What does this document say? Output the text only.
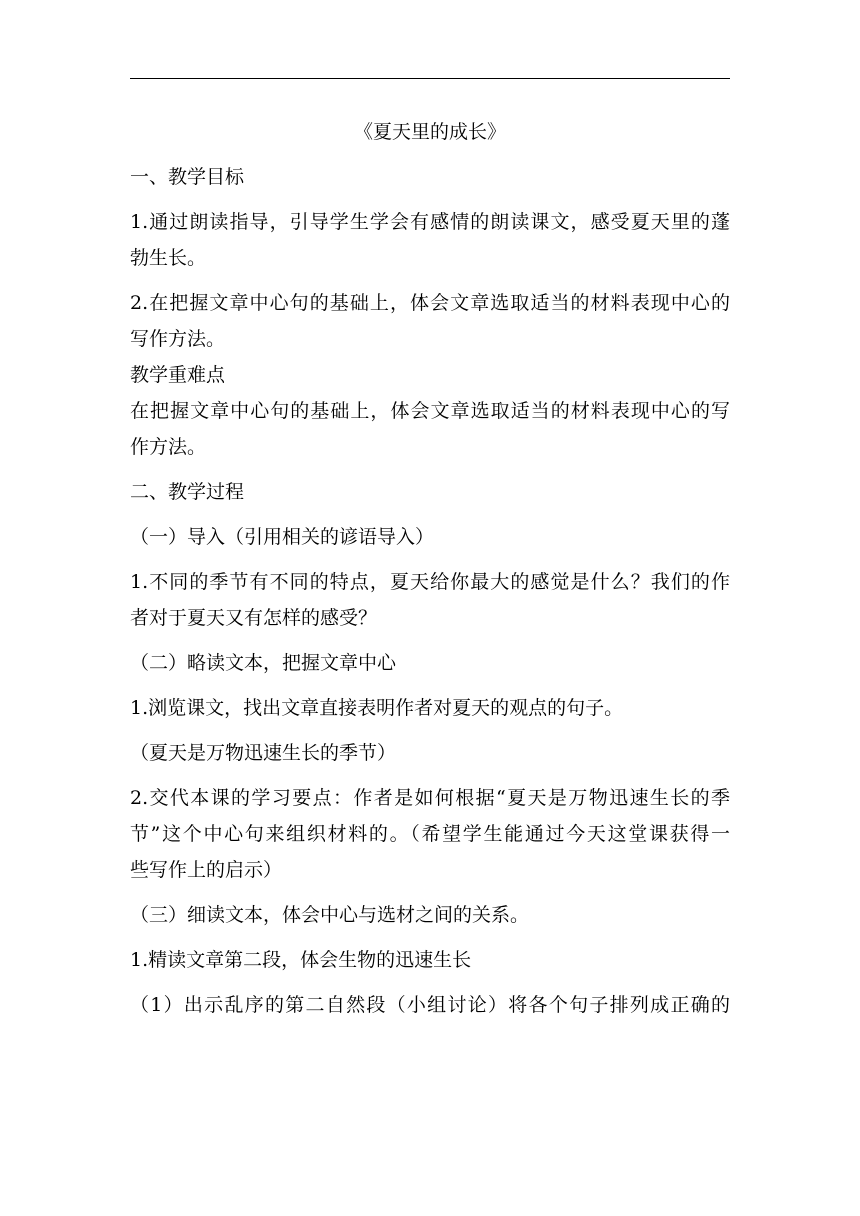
《夏天里的成长》
一、教学目标
1.通过朗读指导，引导学生学会有感情的朗读课文，感受夏天里的蓬
勃生长。
2.在把握文章中心句的基础上，体会文章选取适当的材料表现中心的
写作方法。
教学重难点
在把握文章中心句的基础上，体会文章选取适当的材料表现中心的写
作方法。
二、教学过程
（一）导入（引用相关的谚语导入）
1.不同的季节有不同的特点，夏天给你最大的感觉是什么？我们的作
者对于夏天又有怎样的感受？
（二）略读文本，把握文章中心
1.浏览课文，找出文章直接表明作者对夏天的观点的句子。
（夏天是万物迅速生长的季节）
2.交代本课的学习要点：作者是如何根据“夏天是万物迅速生长的季
节”这个中心句来组织材料的。（希望学生能通过今天这堂课获得一
些写作上的启示）
（三）细读文本，体会中心与选材之间的关系。
1.精读文章第二段，体会生物的迅速生长
（1）出示乱序的第二自然段（小组讨论）将各个句子排列成正确的
